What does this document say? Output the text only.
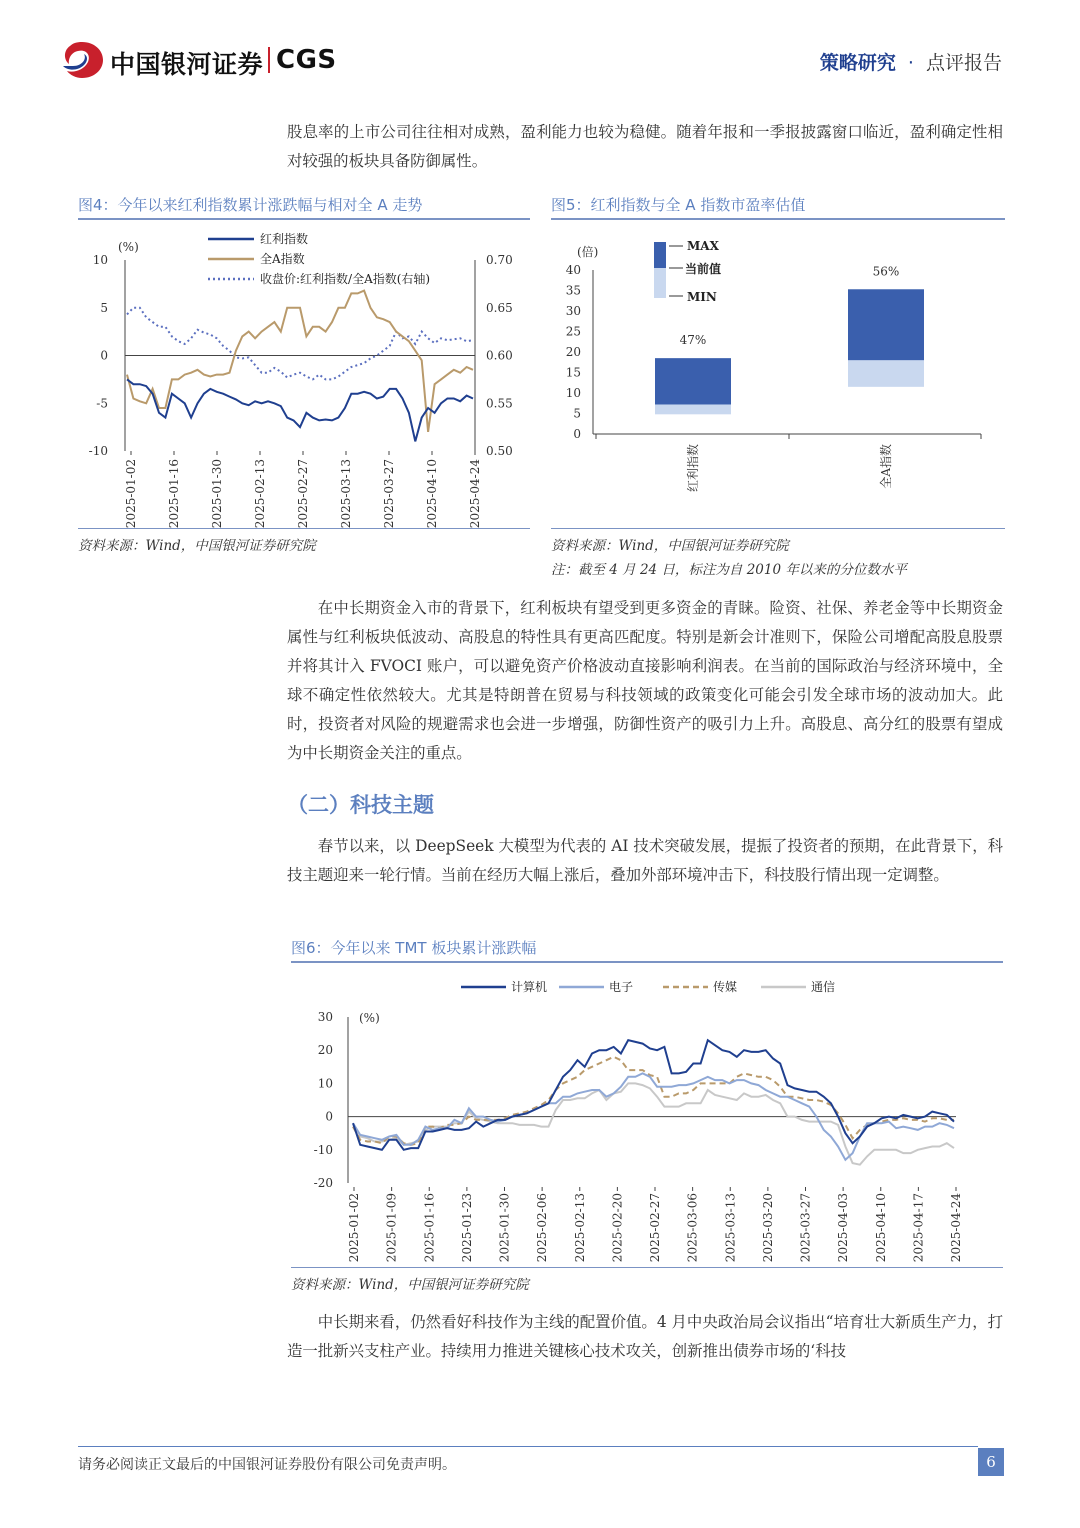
中国银河证券 CGS	策略研究 · 点评报告

股息率的上市公司往往相对成熟，盈利能力也较为稳健。随着年报和一季报披露窗口临近，盈利确定性相对较强的板块具备防御属性。

图4：今年以来红利指数累计涨跌幅与相对全 A 走势
10
5
0
-5
-10
0.70
0.65
0.60
0.55
0.50
(%)
2025-01-02 2025-01-16 2025-01-30 2025-02-13 2025-02-27 2025-03-13 2025-03-27 2025-04-10 2025-04-24
红利指数
全A指数
收盘价:红利指数/全A指数(右轴)
资料来源：Wind，中国银河证券研究院
图5：红利指数与全 A 指数市盈率估值
40
35
30
25
20
15
10
5
0
(倍)
47%
红利指数
56%
全A指数
MAX
当前值
MIN
资料来源：Wind，中国银河证券研究院
注：截至 4 月 24 日，标注为自 2010 年以来的分位数水平

在中长期资金入市的背景下，红利板块有望受到更多资金的青睐。险资、社保、养老金等中长期资金属性与红利板块低波动、高股息的特性具有更高匹配度。特别是新会计准则下，保险公司增配高股息股票并将其计入 FVOCI 账户，可以避免资产价格波动直接影响利润表。在当前的国际政治与经济环境中，全球不确定性依然较大。尤其是特朗普在贸易与科技领域的政策变化可能会引发全球市场的波动加大。此时，投资者对风险的规避需求也会进一步增强，防御性资产的吸引力上升。高股息、高分红的股票有望成为中长期资金关注的重点。

（二）科技主题

春节以来，以 DeepSeek 大模型为代表的 AI 技术突破发展，提振了投资者的预期，在此背景下，科技主题迎来一轮行情。当前在经历大幅上涨后，叠加外部环境冲击下，科技股行情出现一定调整。

图6：今年以来 TMT 板块累计涨跌幅
30
20
10
0
-10
-20
(%)
2025-01-02 2025-01-09 2025-01-16 2025-01-23 2025-01-30 2025-02-06 2025-02-13 2025-02-20 2025-02-27 2025-03-06 2025-03-13 2025-03-20 2025-03-27 2025-04-03 2025-04-10 2025-04-17 2025-04-24
计算机	电子	传媒	通信
资料来源：Wind，中国银河证券研究院

中长期来看，仍然看好科技作为主线的配置价值。4 月中央政治局会议指出“培育壮大新质生产力，打造一批新兴支柱产业。持续用力推进关键核心技术攻关，创新推出债券市场的‘科技

请务必阅读正文最后的中国银河证券股份有限公司免责声明。	6
